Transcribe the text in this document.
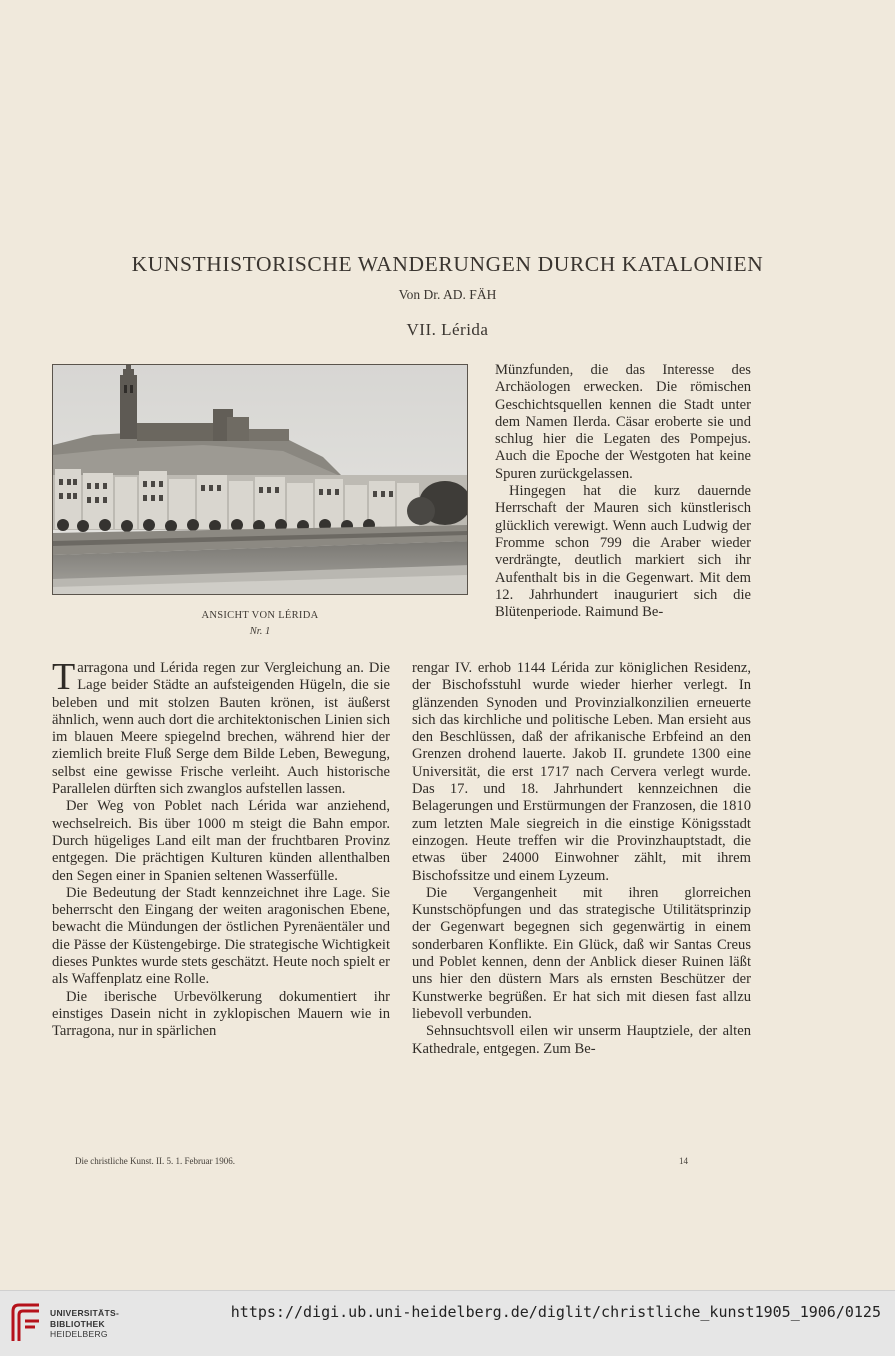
KUNSTHISTORISCHE WANDERUNGEN DURCH KATALONIEN
Von Dr. AD. FÄH
VII. Lérida
ANSICHT VON LÉRIDA
Nr. 1

Münzfunden, die das Interesse des Archäologen erwecken. Die römischen Geschichtsquellen kennen die Stadt unter dem Namen Ilerda. Cäsar eroberte sie und schlug hier die Legaten des Pompejus. Auch die Epoche der Westgoten hat keine Spuren zurückgelassen.

Hingegen hat die kurz dauernde Herrschaft der Mauren sich künstlerisch glücklich verewigt. Wenn auch Ludwig der Fromme schon 799 die Araber wieder verdrängte, deutlich markiert sich ihr Aufenthalt bis in die Gegenwart. Mit dem 12. Jahrhundert inauguriert sich die Blütenperiode. Raimund Be-

Tarragona und Lérida regen zur Vergleichung an. Die Lage beider Städte an aufsteigenden Hügeln, die sie beleben und mit stolzen Bauten krönen, ist äußerst ähnlich, wenn auch dort die architektonischen Linien sich im blauen Meere spiegelnd brechen, während hier der ziemlich breite Fluß Serge dem Bilde Leben, Bewegung, selbst eine gewisse Frische verleiht. Auch historische Parallelen dürften sich zwanglos aufstellen lassen.

Der Weg von Poblet nach Lérida war anziehend, wechselreich. Bis über 1000 m steigt die Bahn empor. Durch hügeliges Land eilt man der fruchtbaren Provinz entgegen. Die prächtigen Kulturen künden allenthalben den Segen einer in Spanien seltenen Wasserfülle.

Die Bedeutung der Stadt kennzeichnet ihre Lage. Sie beherrscht den Eingang der weiten aragonischen Ebene, bewacht die Mündungen der östlichen Pyrenäentäler und die Pässe der Küstengebirge. Die strategische Wichtigkeit dieses Punktes wurde stets geschätzt. Heute noch spielt er als Waffenplatz eine Rolle.

Die iberische Urbevölkerung dokumentiert ihr einstiges Dasein nicht in zyklopischen Mauern wie in Tarragona, nur in spärlichen

rengar IV. erhob 1144 Lérida zur königlichen Residenz, der Bischofsstuhl wurde wieder hierher verlegt. In glänzenden Synoden und Provinzialkonzilien erneuerte sich das kirchliche und politische Leben. Man ersieht aus den Beschlüssen, daß der afrikanische Erbfeind an den Grenzen drohend lauerte. Jakob II. grundete 1300 eine Universität, die erst 1717 nach Cervera verlegt wurde. Das 17. und 18. Jahrhundert kennzeichnen die Belagerungen und Erstürmungen der Franzosen, die 1810 zum letzten Male siegreich in die einstige Königsstadt einzogen. Heute treffen wir die Provinzhauptstadt, die etwas über 24000 Einwohner zählt, mit ihrem Bischofssitze und einem Lyzeum.

Die Vergangenheit mit ihren glorreichen Kunstschöpfungen und das strategische Utilitätsprinzip der Gegenwart begegnen sich gegenwärtig in einem sonderbaren Konflikte. Ein Glück, daß wir Santas Creus und Poblet kennen, denn der Anblick dieser Ruinen läßt uns hier den düstern Mars als ernsten Beschützer der Kunstwerke begrüßen. Er hat sich mit diesen fast allzu liebevoll verbunden.

Sehnsuchtsvoll eilen wir unserm Hauptziele, der alten Kathedrale, entgegen. Zum Be-

Die christliche Kunst. II. 5. 1. Februar 1906.	14
UNIVERSITÄTS-
BIBLIOTHEK
HEIDELBERG
https://digi.ub.uni-heidelberg.de/diglit/christliche_kunst1905_1906/0125
